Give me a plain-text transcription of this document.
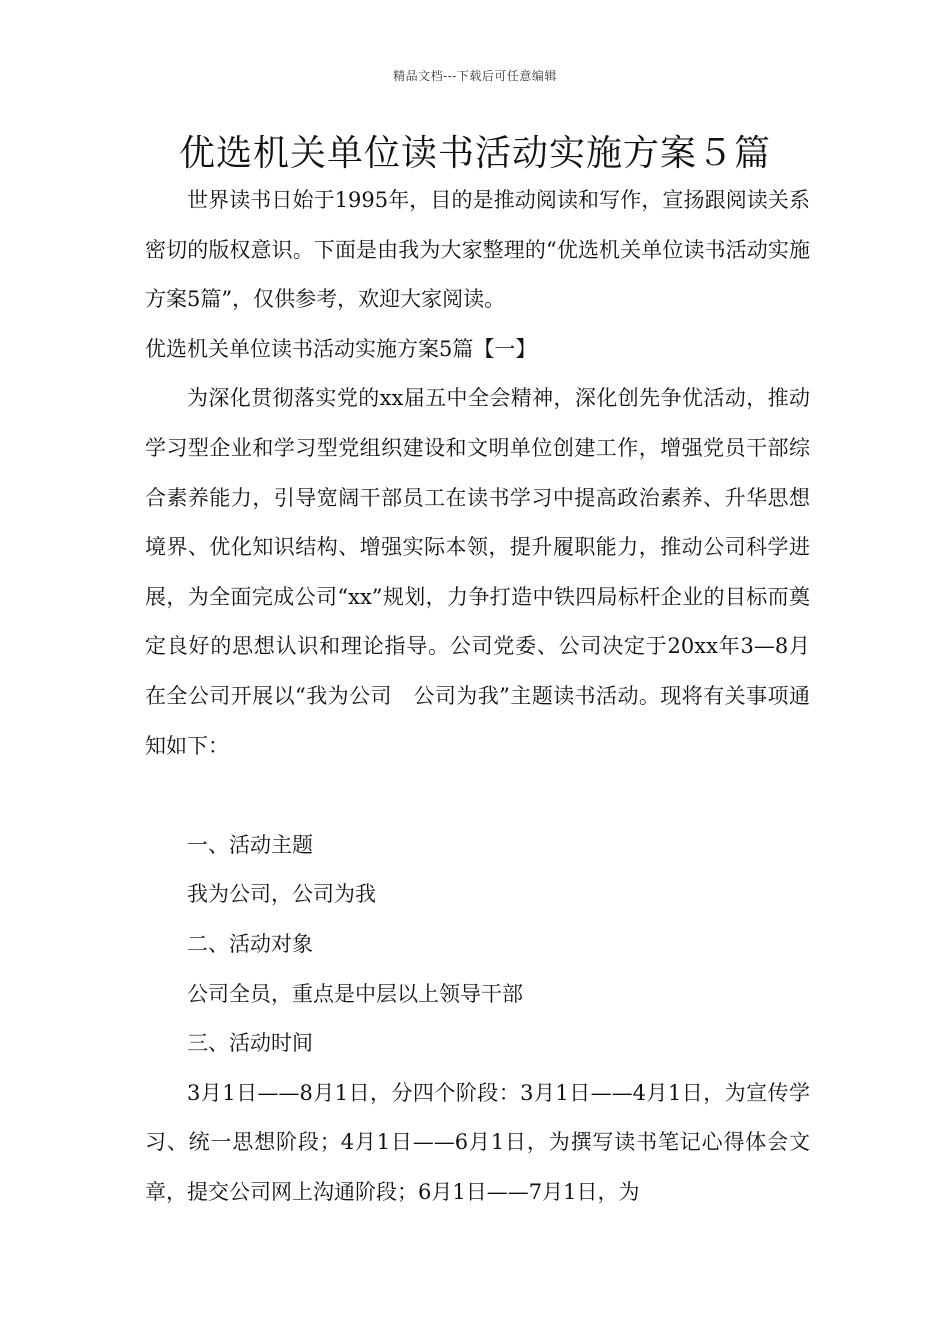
精品文档---下载后可任意编辑
优选机关单位读书活动实施方案５篇

世界读书日始于1995年，目的是推动阅读和写作，宣扬跟阅读关系密切的版权意识。下面是由我为大家整理的“优选机关单位读书活动实施方案5篇”，仅供参考，欢迎大家阅读。

优选机关单位读书活动实施方案5篇【一】

为深化贯彻落实党的xx届五中全会精神，深化创先争优活动，推动学习型企业和学习型党组织建设和文明单位创建工作，增强党员干部综合素养能力，引导宽阔干部员工在读书学习中提高政治素养、升华思想境界、优化知识结构、增强实际本领，提升履职能力，推动公司科学进展，为全面完成公司“xx”规划，力争打造中铁四局标杆企业的目标而奠定良好的思想认识和理论指导。公司党委、公司决定于20xx年3—8月在全公司开展以“我为公司　公司为我”主题读书活动。现将有关事项通知如下：

一、活动主题

我为公司，公司为我

二、活动对象

公司全员，重点是中层以上领导干部

三、活动时间

3月1日——8月1日，分四个阶段：3月1日——4月1日，为宣传学习、统一思想阶段；4月1日——6月1日，为撰写读书笔记心得体会文章，提交公司网上沟通阶段；6月1日——7月1日，为
